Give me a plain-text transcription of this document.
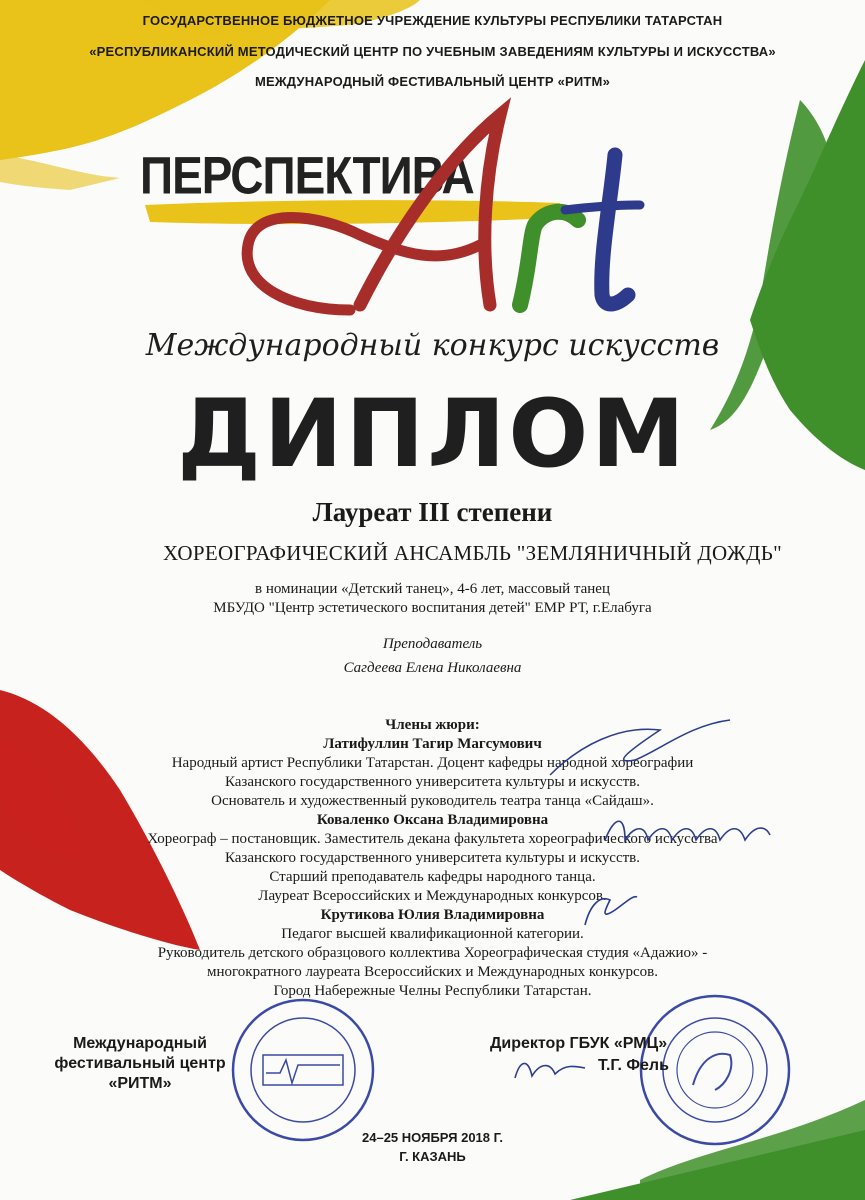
ГОСУДАРСТВЕННОЕ БЮДЖЕТНОЕ УЧРЕЖДЕНИЕ КУЛЬТУРЫ РЕСПУБЛИКИ ТАТАРСТАН
«РЕСПУБЛИКАНСКИЙ МЕТОДИЧЕСКИЙ ЦЕНТР ПО УЧЕБНЫМ ЗАВЕДЕНИЯМ КУЛЬТУРЫ И ИСКУССТВА»
МЕЖДУНАРОДНЫЙ ФЕСТИВАЛЬНЫЙ ЦЕНТР «РИТМ»
ПЕРСПЕКТИВА
Международный конкурс искусств
ДИПЛОМ
Лауреат III степени
ХОРЕОГРАФИЧЕСКИЙ АНСАМБЛЬ "ЗЕМЛЯНИЧНЫЙ ДОЖДЬ"
в номинации «Детский танец», 4-6 лет, массовый танец
МБУДО "Центр эстетического воспитания детей" ЕМР РТ, г.Елабуга
Преподаватель
Сагдеева Елена Николаевна
Члены жюри:
Латифуллин Тагир Магсумович
Народный артист Республики Татарстан. Доцент кафедры народной хореографии
Казанского государственного университета культуры и искусств.
Основатель и художественный руководитель театра танца «Сайдаш».
Коваленко Оксана Владимировна
Хореограф – постановщик. Заместитель декана факультета хореографического искусства
Казанского государственного университета культуры и искусств.
Старший преподаватель кафедры народного танца.
Лауреат Всероссийских и Международных конкурсов.
Крутикова Юлия Владимировна
Педагог высшей квалификационной категории.
Руководитель детского образцового коллектива Хореографическая студия «Адажио» -
многократного лауреата Всероссийских и Международных конкурсов.
Город Набережные Челны Республики Татарстан.
Международный
фестивальный центр
«РИТМ»
Директор ГБУК «РМЦ»
Т.Г. Фель
24–25 НОЯБРЯ 2018 Г.
Г. КАЗАНЬ
